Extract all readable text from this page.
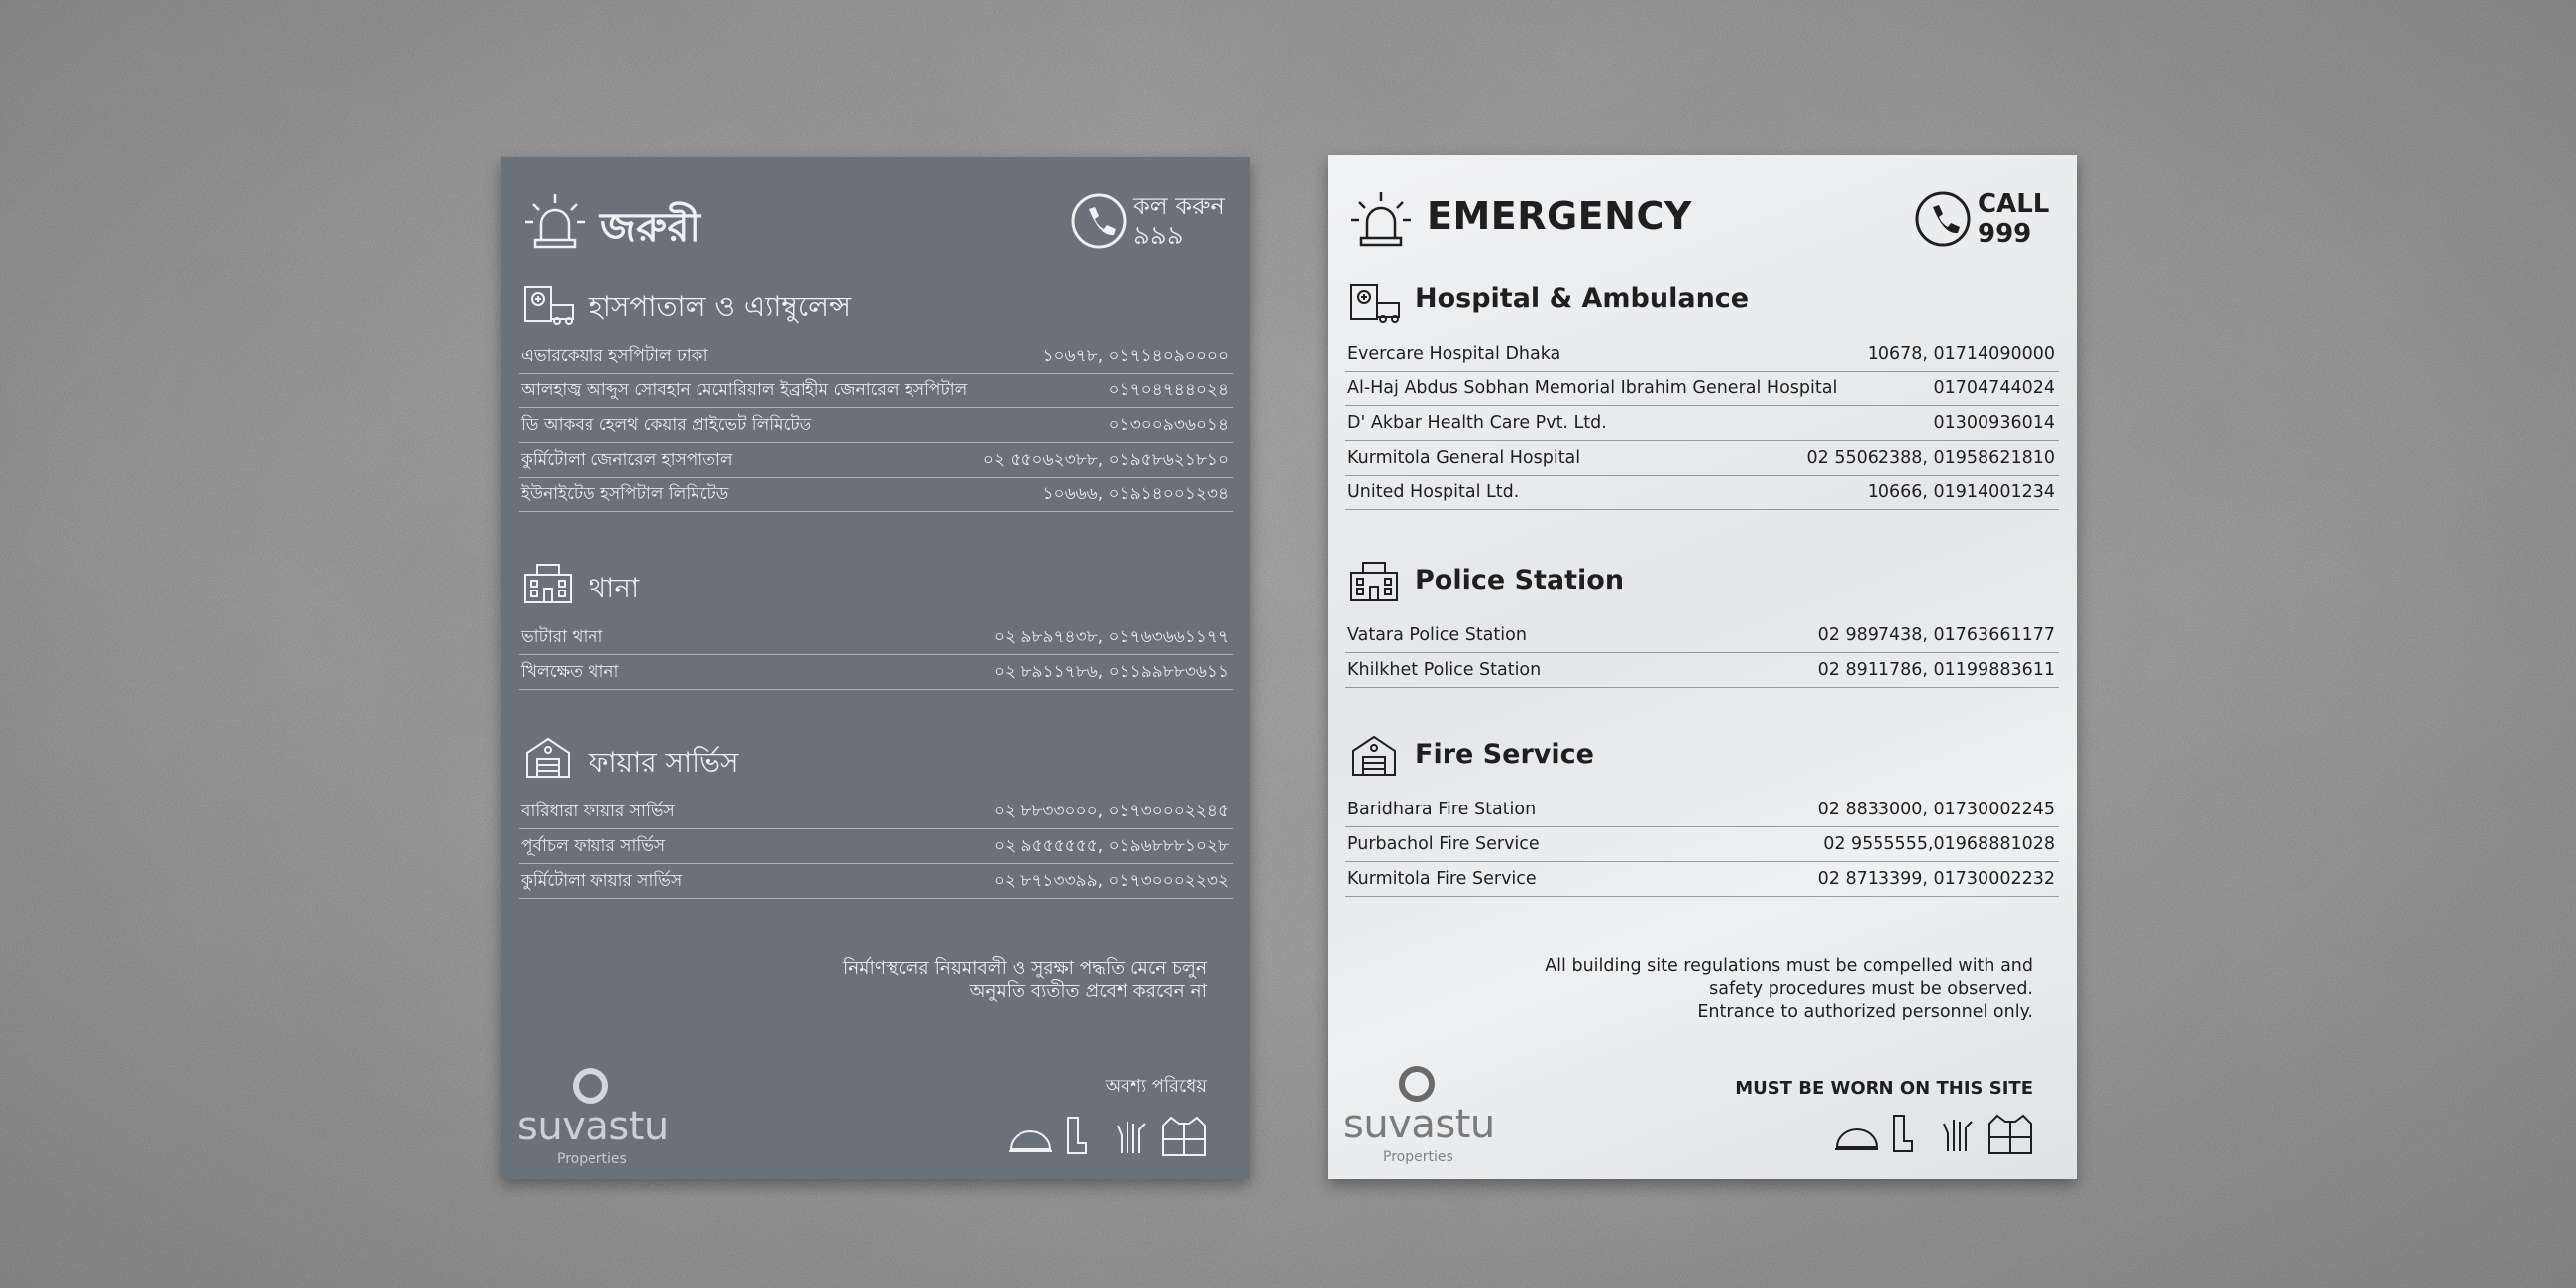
জরুরী	কল করুন
৯৯৯
হাসপাতাল ও এ্যাম্বুলেন্স
এভারকেয়ার হসপিটাল ঢাকা	১০৬৭৮, ০১৭১৪০৯০০০০
আলহাজ্ব আব্দুস সোবহান মেমোরিয়াল ইব্রাহীম জেনারেল হসপিটাল	০১৭০৪৭৪৪০২৪
ডি আকবর হেলথ কেয়ার প্রাইভেট লিমিটেড	০১৩০০৯৩৬০১৪
কুর্মিটোলা জেনারেল হাসপাতাল	০২ ৫৫০৬২৩৮৮, ০১৯৫৮৬২১৮১০
ইউনাইটেড হসপিটাল লিমিটেড	১০৬৬৬, ০১৯১৪০০১২৩৪
থানা
ভাটারা থানা	০২ ৯৮৯৭৪৩৮, ০১৭৬৩৬৬১১৭৭
খিলক্ষেত থানা	০২ ৮৯১১৭৮৬, ০১১৯৯৮৮৩৬১১
ফায়ার সার্ভিস
বারিধারা ফায়ার সার্ভিস	০২ ৮৮৩৩০০০, ০১৭৩০০০২২৪৫
পূর্বাচল ফায়ার সার্ভিস	০২ ৯৫৫৫৫৫৫, ০১৯৬৮৮৮১০২৮
কুর্মিটোলা ফায়ার সার্ভিস	০২ ৮৭১৩৩৯৯, ০১৭৩০০০২২৩২
নির্মাণস্থলের নিয়মাবলী ও সুরক্ষা পদ্ধতি মেনে চলুন
অনুমতি ব্যতীত প্রবেশ করবেন না
অবশ্য পরিধেয়
suvastu
Properties
EMERGENCY	CALL
999
Hospital & Ambulance
Evercare Hospital Dhaka	10678, 01714090000
Al-Haj Abdus Sobhan Memorial Ibrahim General Hospital	01704744024
D' Akbar Health Care Pvt. Ltd.	01300936014
Kurmitola General Hospital	02 55062388, 01958621810
United Hospital Ltd.	10666, 01914001234
Police Station
Vatara Police Station	02 9897438, 01763661177
Khilkhet Police Station	02 8911786, 01199883611
Fire Service
Baridhara Fire Station	02 8833000, 01730002245
Purbachol Fire Service	02 9555555,01968881028
Kurmitola Fire Service	02 8713399, 01730002232
All building site regulations must be compelled with and
safety procedures must be observed.
Entrance to authorized personnel only.
MUST BE WORN ON THIS SITE
suvastu
Properties
